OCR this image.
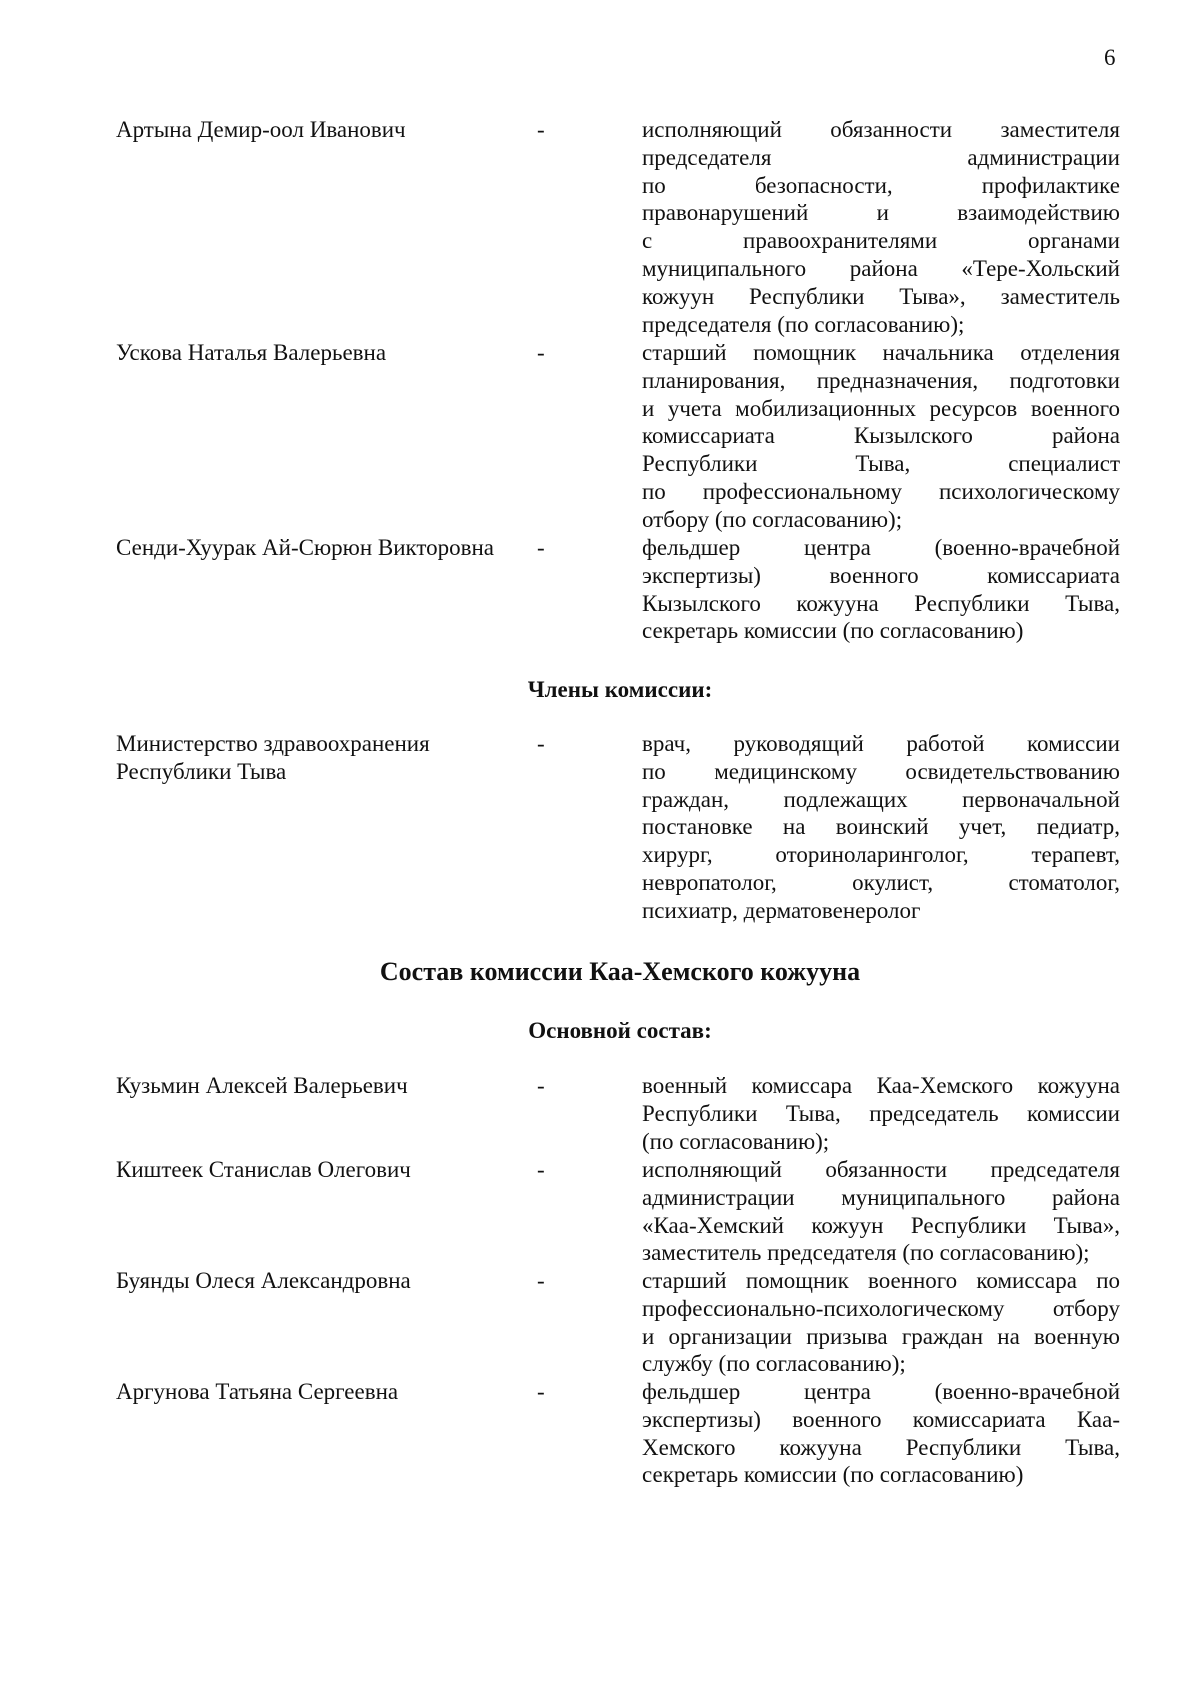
6
Артына Демир-оол Иванович	-	исполняющий обязанности заместителя
председателя администрации
по безопасности, профилактике
правонарушений и взаимодействию
с правоохранителями органами
муниципального района «Тере-Хольский
кожуун Республики Тыва», заместитель
председателя (по согласованию);
Ускова Наталья Валерьевна	-	старший помощник начальника отделения
планирования, предназначения, подготовки
и учета мобилизационных ресурсов военного
комиссариата Кызылского района
Республики Тыва, специалист
по профессиональному психологическому
отбору (по согласованию);
Сенди-Хуурак Ай-Сюрюн Викторовна	-	фельдшер центра (военно-врачебной
экспертизы) военного комиссариата
Кызылского кожууна Республики Тыва,
секретарь комиссии (по согласованию)
Члены комиссии:
Министерство здравоохранения
Республики Тыва
-	врач, руководящий работой комиссии
по медицинскому освидетельствованию
граждан, подлежащих первоначальной
постановке на воинский учет, педиатр,
хирург, оториноларинголог, терапевт,
невропатолог, окулист, стоматолог,
психиатр, дерматовенеролог
Состав комиссии Каа-Хемского кожууна
Основной состав:
Кузьмин Алексей Валерьевич	-	военный комиссара Каа-Хемского кожууна
Республики Тыва, председатель комиссии
(по согласованию);
Киштеек Станислав Олегович	-	исполняющий обязанности председателя
администрации муниципального района
«Каа-Хемский кожуун Республики Тыва»,
заместитель председателя (по согласованию);
Буянды Олеся Александровна	-	старший помощник военного комиссара по
профессионально-психологическому отбору
и организации призыва граждан на военную
службу (по согласованию);
Аргунова Татьяна Сергеевна	-	фельдшер центра (военно-врачебной
экспертизы) военного комиссариата Каа-
Хемского кожууна Республики Тыва,
секретарь комиссии (по согласованию)
